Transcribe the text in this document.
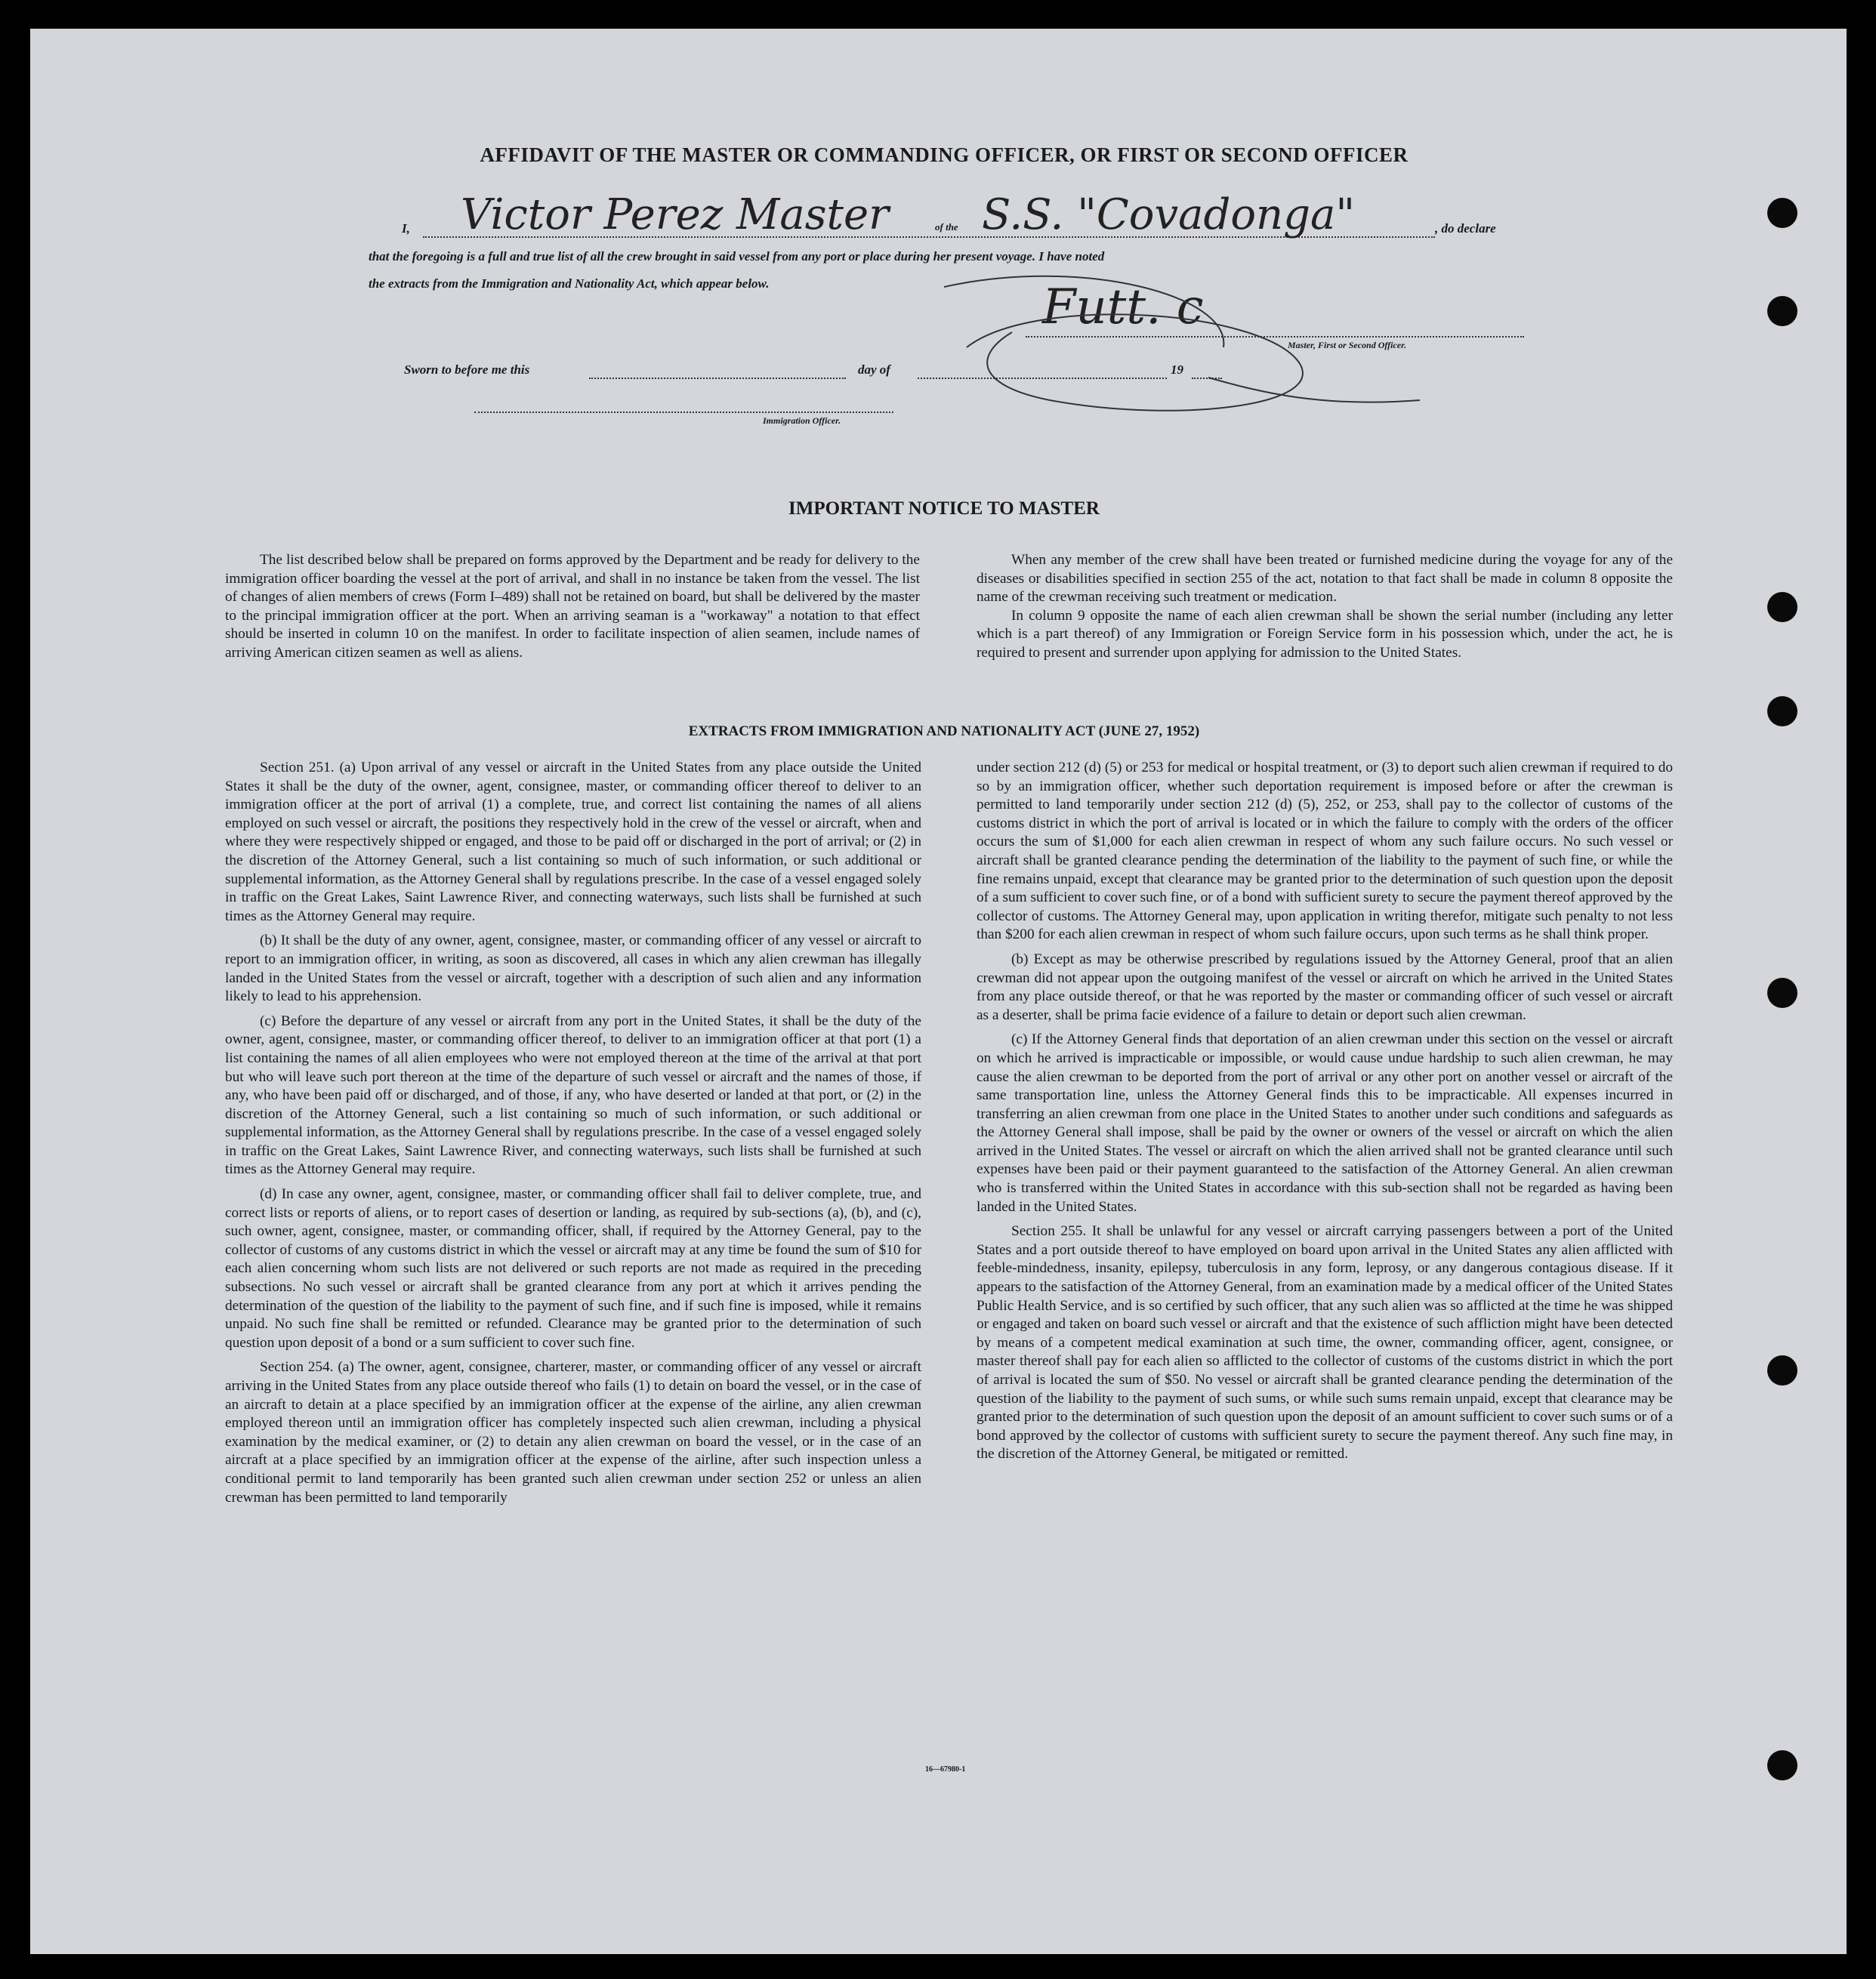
AFFIDAVIT OF THE MASTER OR COMMANDING OFFICER, OR FIRST OR SECOND OFFICER
I, Victor Perez Master	of the S.S. "Covadonga"	, do declare
that the foregoing is a full and true list of all the crew brought in said vessel from any port or place during her present voyage. I have noted
the extracts from the Immigration and Nationality Act, which appear below.	Futt. c
Master, First or Second Officer.
Sworn to before me this	day of	19
Immigration Officer.
IMPORTANT NOTICE TO MASTER

The list described below shall be prepared on forms approved by the Department and be ready for delivery to the immigration officer boarding the vessel at the port of arrival, and shall in no instance be taken from the vessel. The list of changes of alien members of crews (Form I–489) shall not be retained on board, but shall be delivered by the master to the principal immigration officer at the port. When an arriving seaman is a "workaway" a notation to that effect should be inserted in column 10 on the manifest. In order to facilitate inspection of alien seamen, include names of arriving American citizen seamen as well as aliens.

When any member of the crew shall have been treated or furnished medicine during the voyage for any of the diseases or disabilities specified in section 255 of the act, notation to that fact shall be made in column 8 opposite the name of the crewman receiving such treatment or medication.

In column 9 opposite the name of each alien crewman shall be shown the serial number (including any letter which is a part thereof) of any Immigration or Foreign Service form in his possession which, under the act, he is required to present and surrender upon applying for admission to the United States.

EXTRACTS FROM IMMIGRATION AND NATIONALITY ACT (JUNE 27, 1952)

Section 251. (a) Upon arrival of any vessel or aircraft in the United States from any place outside the United States it shall be the duty of the owner, agent, consignee, master, or commanding officer thereof to deliver to an immigration officer at the port of arrival (1) a complete, true, and correct list containing the names of all aliens employed on such vessel or aircraft, the positions they respectively hold in the crew of the vessel or aircraft, when and where they were respectively shipped or engaged, and those to be paid off or discharged in the port of arrival; or (2) in the discretion of the Attorney General, such a list containing so much of such information, or such additional or supplemental information, as the Attorney General shall by regulations prescribe. In the case of a vessel engaged solely in traffic on the Great Lakes, Saint Lawrence River, and connecting waterways, such lists shall be furnished at such times as the Attorney General may require.

(b) It shall be the duty of any owner, agent, consignee, master, or commanding officer of any vessel or aircraft to report to an immigration officer, in writing, as soon as discovered, all cases in which any alien crewman has illegally landed in the United States from the vessel or aircraft, together with a description of such alien and any information likely to lead to his apprehension.

(c) Before the departure of any vessel or aircraft from any port in the United States, it shall be the duty of the owner, agent, consignee, master, or commanding officer thereof, to deliver to an immigration officer at that port (1) a list containing the names of all alien employees who were not employed thereon at the time of the arrival at that port but who will leave such port thereon at the time of the departure of such vessel or aircraft and the names of those, if any, who have been paid off or discharged, and of those, if any, who have deserted or landed at that port, or (2) in the discretion of the Attorney General, such a list containing so much of such information, or such additional or supplemental information, as the Attorney General shall by regulations prescribe. In the case of a vessel engaged solely in traffic on the Great Lakes, Saint Lawrence River, and connecting waterways, such lists shall be furnished at such times as the Attorney General may require.

(d) In case any owner, agent, consignee, master, or commanding officer shall fail to deliver complete, true, and correct lists or reports of aliens, or to report cases of desertion or landing, as required by sub-sections (a), (b), and (c), such owner, agent, consignee, master, or commanding officer, shall, if required by the Attorney General, pay to the collector of customs of any customs district in which the vessel or aircraft may at any time be found the sum of $10 for each alien concerning whom such lists are not delivered or such reports are not made as required in the preceding subsections. No such vessel or aircraft shall be granted clearance from any port at which it arrives pending the determination of the question of the liability to the payment of such fine, and if such fine is imposed, while it remains unpaid. No such fine shall be remitted or refunded. Clearance may be granted prior to the determination of such question upon deposit of a bond or a sum sufficient to cover such fine.

Section 254. (a) The owner, agent, consignee, charterer, master, or commanding officer of any vessel or aircraft arriving in the United States from any place outside thereof who fails (1) to detain on board the vessel, or in the case of an aircraft to detain at a place specified by an immigration officer at the expense of the airline, any alien crewman employed thereon until an immigration officer has completely inspected such alien crewman, including a physical examination by the medical examiner, or (2) to detain any alien crewman on board the vessel, or in the case of an aircraft at a place specified by an immigration officer at the expense of the airline, after such inspection unless a conditional permit to land temporarily has been granted such alien crewman under section 252 or unless an alien crewman has been permitted to land temporarily

under section 212 (d) (5) or 253 for medical or hospital treatment, or (3) to deport such alien crewman if required to do so by an immigration officer, whether such deportation requirement is imposed before or after the crewman is permitted to land temporarily under section 212 (d) (5), 252, or 253, shall pay to the collector of customs of the customs district in which the port of arrival is located or in which the failure to comply with the orders of the officer occurs the sum of $1,000 for each alien crewman in respect of whom any such failure occurs. No such vessel or aircraft shall be granted clearance pending the determination of the liability to the payment of such fine, or while the fine remains unpaid, except that clearance may be granted prior to the determination of such question upon the deposit of a sum sufficient to cover such fine, or of a bond with sufficient surety to secure the payment thereof approved by the collector of customs. The Attorney General may, upon application in writing therefor, mitigate such penalty to not less than $200 for each alien crewman in respect of whom such failure occurs, upon such terms as he shall think proper.

(b) Except as may be otherwise prescribed by regulations issued by the Attorney General, proof that an alien crewman did not appear upon the outgoing manifest of the vessel or aircraft on which he arrived in the United States from any place outside thereof, or that he was reported by the master or commanding officer of such vessel or aircraft as a deserter, shall be prima facie evidence of a failure to detain or deport such alien crewman.

(c) If the Attorney General finds that deportation of an alien crewman under this section on the vessel or aircraft on which he arrived is impracticable or impossible, or would cause undue hardship to such alien crewman, he may cause the alien crewman to be deported from the port of arrival or any other port on another vessel or aircraft of the same transportation line, unless the Attorney General finds this to be impracticable. All expenses incurred in transferring an alien crewman from one place in the United States to another under such conditions and safeguards as the Attorney General shall impose, shall be paid by the owner or owners of the vessel or aircraft on which the alien arrived in the United States. The vessel or aircraft on which the alien arrived shall not be granted clearance until such expenses have been paid or their payment guaranteed to the satisfaction of the Attorney General. An alien crewman who is transferred within the United States in accordance with this sub-section shall not be regarded as having been landed in the United States.

Section 255. It shall be unlawful for any vessel or aircraft carrying passengers between a port of the United States and a port outside thereof to have employed on board upon arrival in the United States any alien afflicted with feeble-mindedness, insanity, epilepsy, tuberculosis in any form, leprosy, or any dangerous contagious disease. If it appears to the satisfaction of the Attorney General, from an examination made by a medical officer of the United States Public Health Service, and is so certified by such officer, that any such alien was so afflicted at the time he was shipped or engaged and taken on board such vessel or aircraft and that the existence of such affliction might have been detected by means of a competent medical examination at such time, the owner, commanding officer, agent, consignee, or master thereof shall pay for each alien so afflicted to the collector of customs of the customs district in which the port of arrival is located the sum of $50. No vessel or aircraft shall be granted clearance pending the determination of the question of the liability to the payment of such sums, or while such sums remain unpaid, except that clearance may be granted prior to the determination of such question upon the deposit of an amount sufficient to cover such sums or of a bond approved by the collector of customs with sufficient surety to secure the payment thereof. Any such fine may, in the discretion of the Attorney General, be mitigated or remitted.

16—67980-1
